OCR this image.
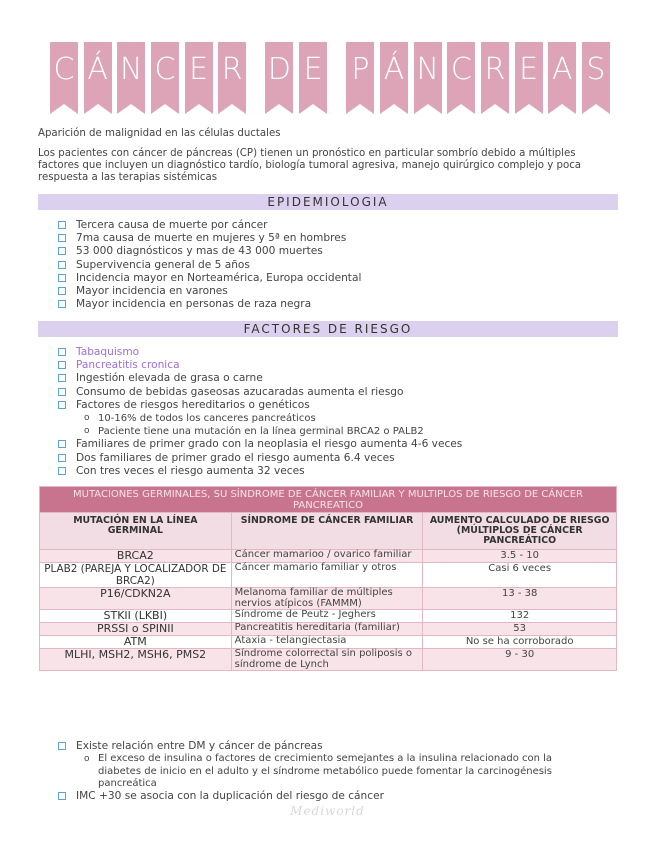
C Á N C E R D E P Á N C R E A S
Aparición de malignidad en las células ductales
Los pacientes con cáncer de páncreas (CP) tienen un pronóstico en particular sombrío debido a múltiples factores que incluyen un diagnóstico tardío, biología tumoral agresiva, manejo quirúrgico complejo y poca respuesta a las terapias sistémicas
EPIDEMIOLOGIA
Tercera causa de muerte por cáncer
7ma causa de muerte en mujeres y 5ª en hombres
53 000 diagnósticos y mas de 43 000 muertes
Supervivencia general de 5 años
Incidencia mayor en Norteamérica, Europa occidental
Mayor incidencia en varones
Mayor incidencia en personas de raza negra
FACTORES DE RIESGO
Tabaquismo
Pancreatitis cronica
Ingestión elevada de grasa o carne
Consumo de bebidas gaseosas azucaradas aumenta el riesgo
Factores de riesgos hereditarios o genéticos
o 10-16% de todos los canceres pancreáticos
o Paciente tiene una mutación en la línea germinal BRCA2 o PALB2
Familiares de primer grado con la neoplasia el riesgo aumenta 4-6 veces
Dos familiares de primer grado el riesgo aumenta 6.4 veces
Con tres veces el riesgo aumenta 32 veces
MUTACIONES GERMINALES, SU SÍNDROME DE CÁNCER FAMILIAR Y MULTIPLOS DE RIESGO DE CÁNCER PANCREATICO		
MUTACIÓN EN LA LÍNEA GERMINAL	SÍNDROME DE CÁNCER FAMILIAR	AUMENTO CALCULADO DE RIESGO (MÚLTIPLOS DE CÁNCER PANCREÁTICO
BRCA2	Cáncer mamarioo / ovarico familiar	3.5 - 10
PLAB2 (PAREJA Y LOCALIZADOR DE BRCA2)	Cáncer mamario familiar y otros	Casi 6 veces
P16/CDKN2A	Melanoma familiar de múltiples nervios atípicos (FAMMM)	13 - 38
STKII (LKBI)	Síndrome de Peutz - Jeghers	132
PRSSI o SPINII	Pancreatitis hereditaria (familiar)	53
ATM	Ataxia - telangiectasia	No se ha corroborado
MLHI, MSH2, MSH6, PMS2	Síndrome colorrectal sin poliposis o síndrome de Lynch	9 - 30
Existe relación entre DM y cáncer de páncreas
o El exceso de insulina o factores de crecimiento semejantes a la insulina relacionado con la diabetes de inicio en el adulto y el síndrome metabólico puede fomentar la carcinogénesis pancreática
IMC +30 se asocia con la duplicación del riesgo de cáncer
Mediworld
